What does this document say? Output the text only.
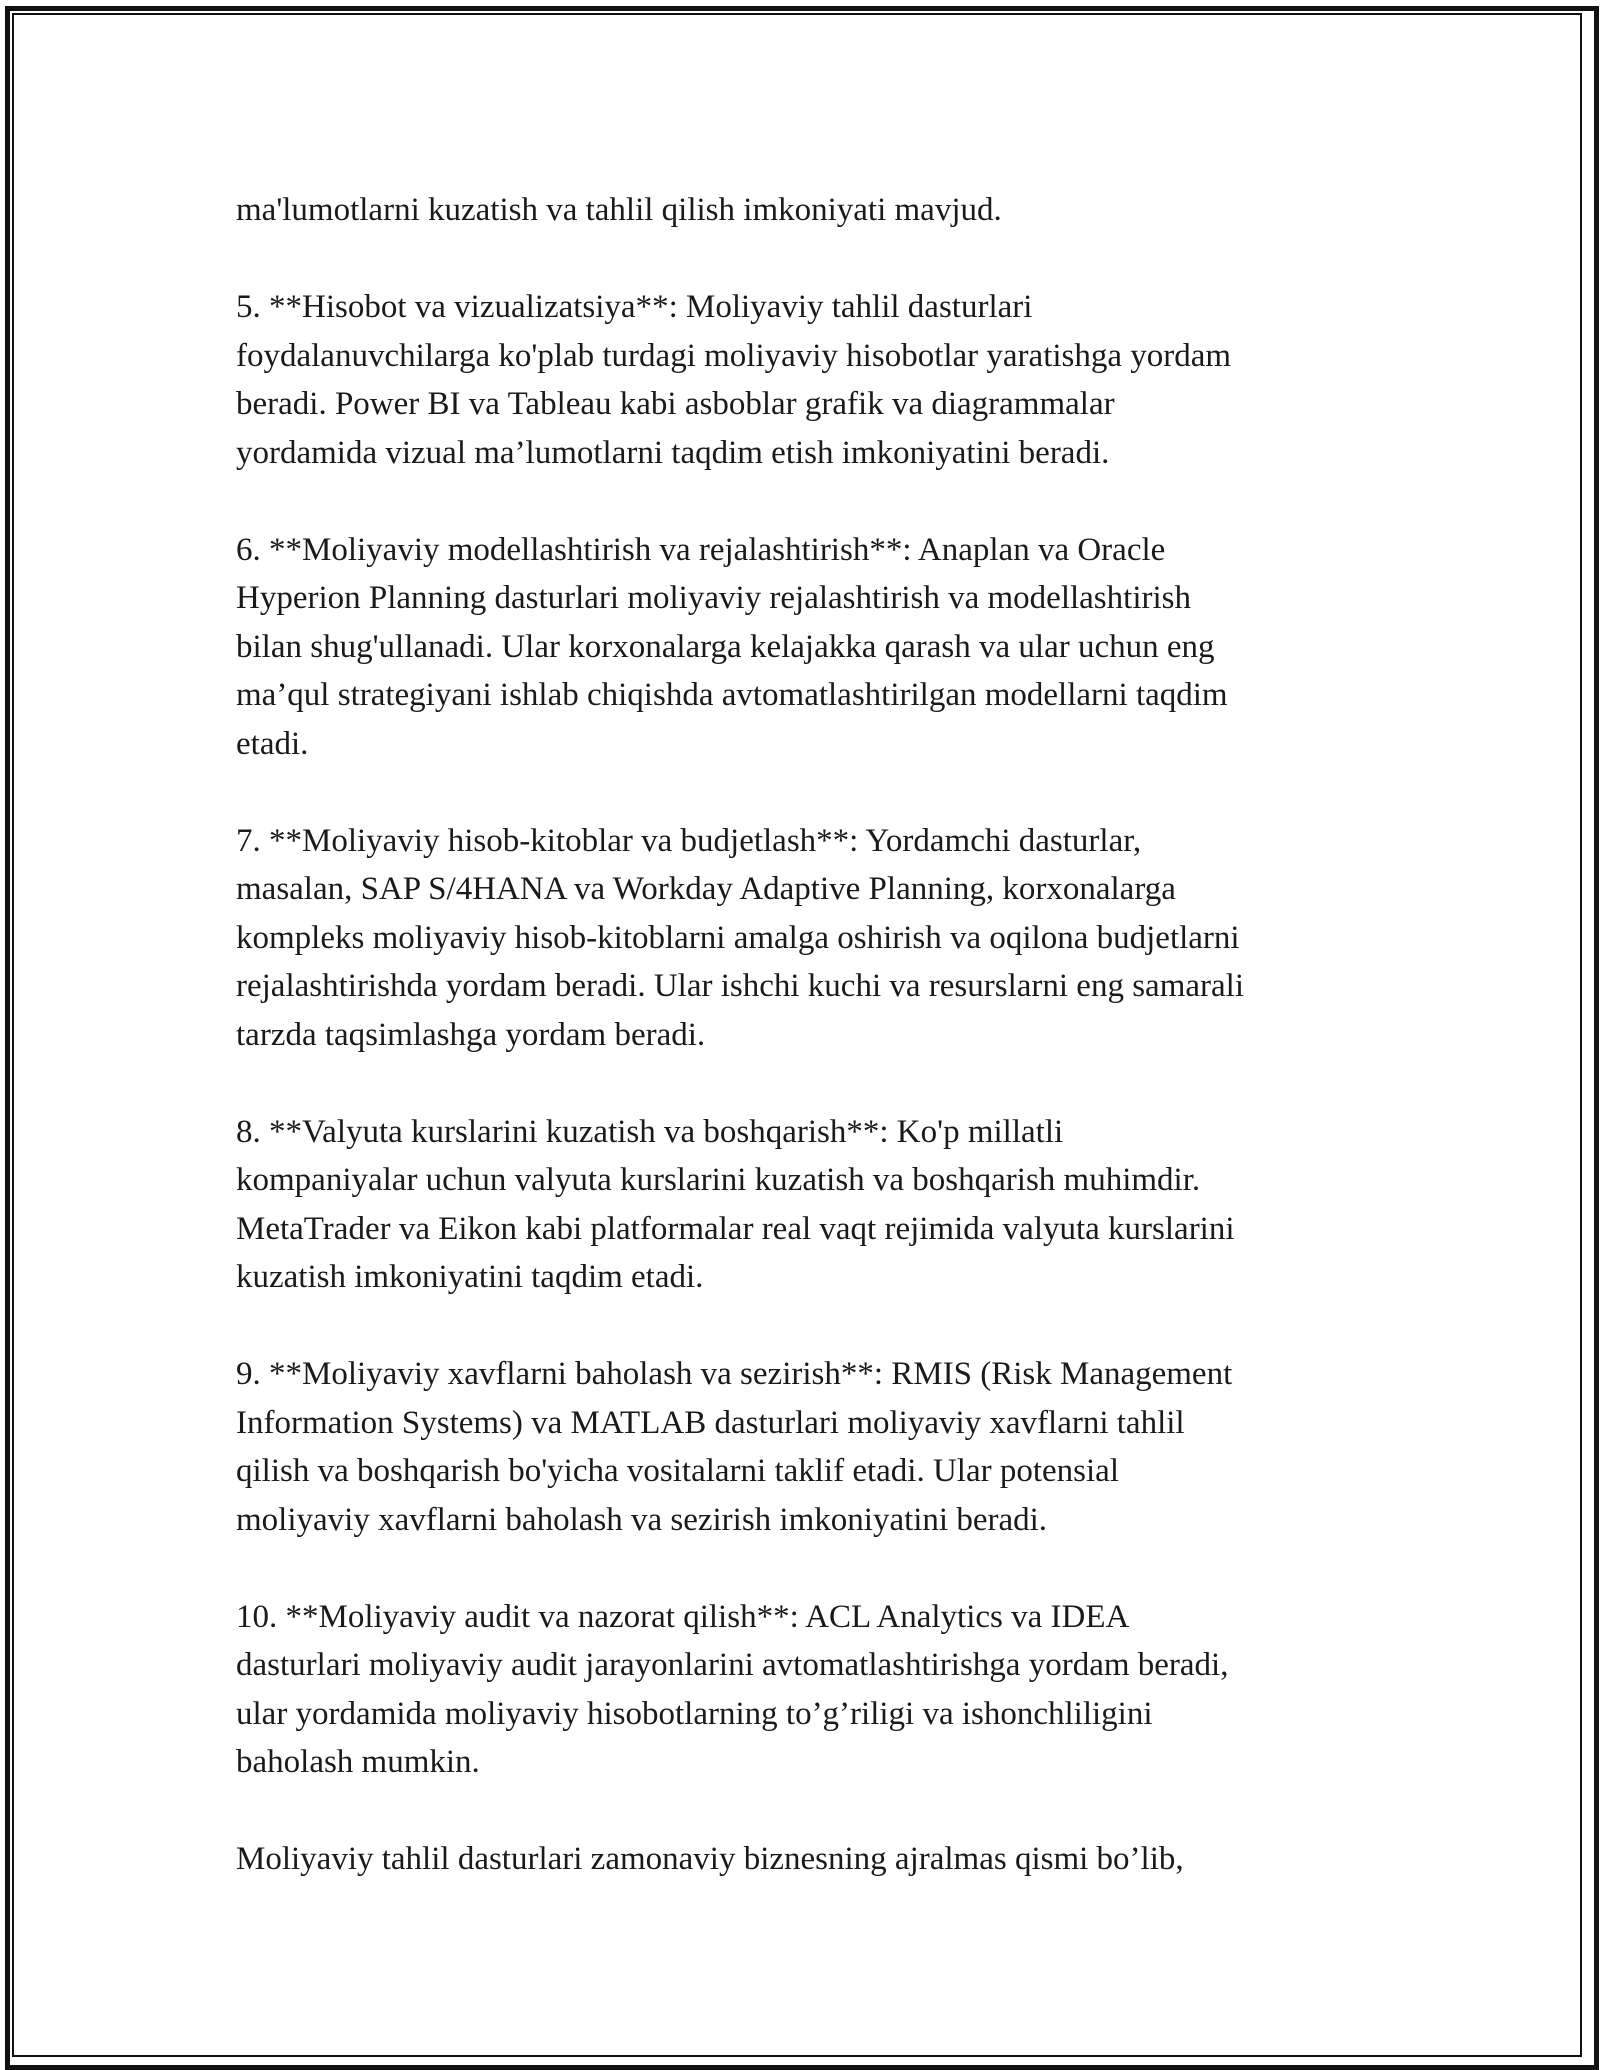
ma'lumotlarni kuzatish va tahlil qilish imkoniyati mavjud.
5. **Hisobot va vizualizatsiya**: Moliyaviy tahlil dasturlari
foydalanuvchilarga ko'plab turdagi moliyaviy hisobotlar yaratishga yordam
beradi. Power BI va Tableau kabi asboblar grafik va diagrammalar
yordamida vizual ma’lumotlarni taqdim etish imkoniyatini beradi.
6. **Moliyaviy modellashtirish va rejalashtirish**: Anaplan va Oracle
Hyperion Planning dasturlari moliyaviy rejalashtirish va modellashtirish
bilan shug'ullanadi. Ular korxonalarga kelajakka qarash va ular uchun eng
ma’qul strategiyani ishlab chiqishda avtomatlashtirilgan modellarni taqdim
etadi.
7. **Moliyaviy hisob-kitoblar va budjetlash**: Yordamchi dasturlar,
masalan, SAP S/4HANA va Workday Adaptive Planning, korxonalarga
kompleks moliyaviy hisob-kitoblarni amalga oshirish va oqilona budjetlarni
rejalashtirishda yordam beradi. Ular ishchi kuchi va resurslarni eng samarali
tarzda taqsimlashga yordam beradi.
8. **Valyuta kurslarini kuzatish va boshqarish**: Ko'p millatli
kompaniyalar uchun valyuta kurslarini kuzatish va boshqarish muhimdir.
MetaTrader va Eikon kabi platformalar real vaqt rejimida valyuta kurslarini
kuzatish imkoniyatini taqdim etadi.
9. **Moliyaviy xavflarni baholash va sezirish**: RMIS (Risk Management
Information Systems) va MATLAB dasturlari moliyaviy xavflarni tahlil
qilish va boshqarish bo'yicha vositalarni taklif etadi. Ular potensial
moliyaviy xavflarni baholash va sezirish imkoniyatini beradi.
10. **Moliyaviy audit va nazorat qilish**: ACL Analytics va IDEA
dasturlari moliyaviy audit jarayonlarini avtomatlashtirishga yordam beradi,
ular yordamida moliyaviy hisobotlarning to’g’riligi va ishonchliligini
baholash mumkin.
Moliyaviy tahlil dasturlari zamonaviy biznesning ajralmas qismi bo’lib,
